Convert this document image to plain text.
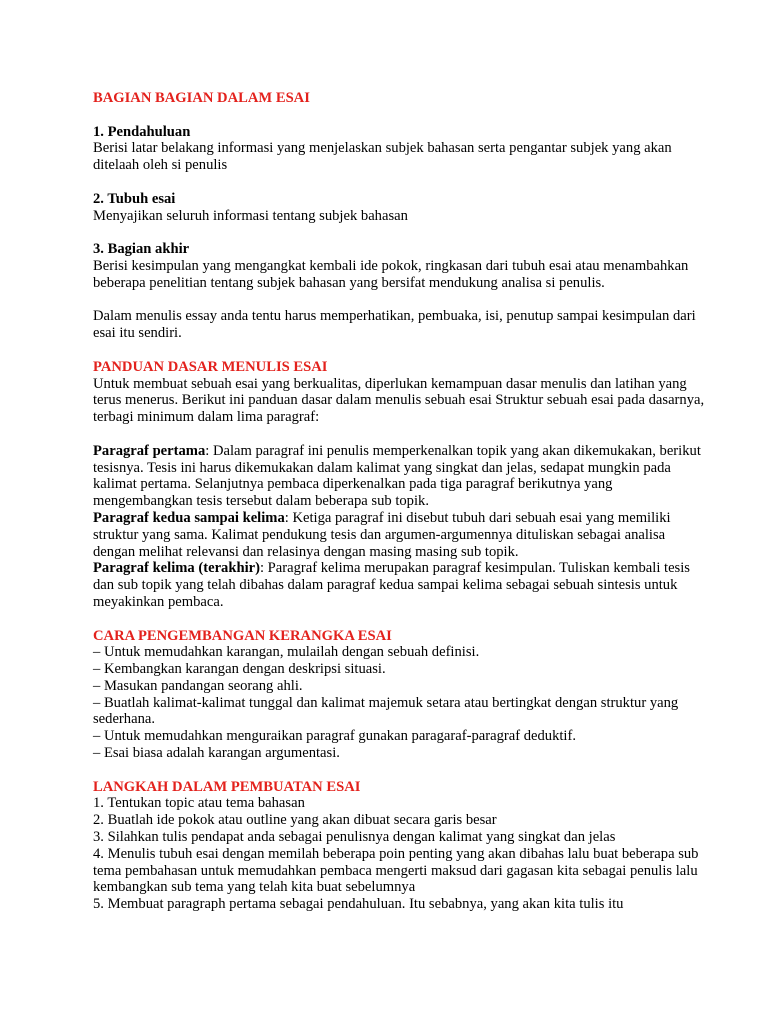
BAGIAN BAGIAN DALAM ESAI

1. Pendahuluan

Berisi latar belakang informasi yang menjelaskan subjek bahasan serta pengantar subjek yang akan ditelaah oleh si penulis

2. Tubuh esai

Menyajikan seluruh informasi tentang subjek bahasan

3. Bagian akhir

Berisi kesimpulan yang mengangkat kembali ide pokok, ringkasan dari tubuh esai atau menambahkan beberapa penelitian tentang subjek bahasan yang bersifat mendukung analisa si penulis.

Dalam menulis essay anda tentu harus memperhatikan, pembuaka, isi, penutup sampai kesimpulan dari esai itu sendiri.

PANDUAN DASAR MENULIS ESAI

Untuk membuat sebuah esai yang berkualitas, diperlukan kemampuan dasar menulis dan latihan yang terus menerus. Berikut ini panduan dasar dalam menulis sebuah esai Struktur sebuah esai pada dasarnya, terbagi minimum dalam lima paragraf:

Paragraf pertama: Dalam paragraf ini penulis memperkenalkan topik yang akan dikemukakan, berikut tesisnya. Tesis ini harus dikemukakan dalam kalimat yang singkat dan jelas, sedapat mungkin pada kalimat pertama. Selanjutnya pembaca diperkenalkan pada tiga paragraf berikutnya yang mengembangkan tesis tersebut dalam beberapa sub topik.

Paragraf kedua sampai kelima: Ketiga paragraf ini disebut tubuh dari sebuah esai yang memiliki struktur yang sama. Kalimat pendukung tesis dan argumen-argumennya dituliskan sebagai analisa dengan melihat relevansi dan relasinya dengan masing masing sub topik.

Paragraf kelima (terakhir): Paragraf kelima merupakan paragraf kesimpulan. Tuliskan kembali tesis dan sub topik yang telah dibahas dalam paragraf kedua sampai kelima sebagai sebuah sintesis untuk meyakinkan pembaca.

CARA PENGEMBANGAN KERANGKA ESAI

– Untuk memudahkan karangan, mulailah dengan sebuah definisi.

– Kembangkan karangan dengan deskripsi situasi.

– Masukan pandangan seorang ahli.

– Buatlah kalimat-kalimat tunggal dan kalimat majemuk setara atau bertingkat dengan struktur yang sederhana.

– Untuk memudahkan menguraikan paragraf gunakan paragaraf-paragraf deduktif.

– Esai biasa adalah karangan argumentasi.

LANGKAH DALAM PEMBUATAN ESAI

1. Tentukan topic atau tema bahasan

2. Buatlah ide pokok atau outline yang akan dibuat secara garis besar

3. Silahkan tulis pendapat anda sebagai penulisnya dengan kalimat yang singkat dan jelas

4. Menulis tubuh esai dengan memilah beberapa poin penting yang akan dibahas lalu buat beberapa sub tema pembahasan untuk memudahkan pembaca mengerti maksud dari gagasan kita sebagai penulis lalu kembangkan sub tema yang telah kita buat sebelumnya

5. Membuat paragraph pertama sebagai pendahuluan. Itu sebabnya, yang akan kita tulis itu
